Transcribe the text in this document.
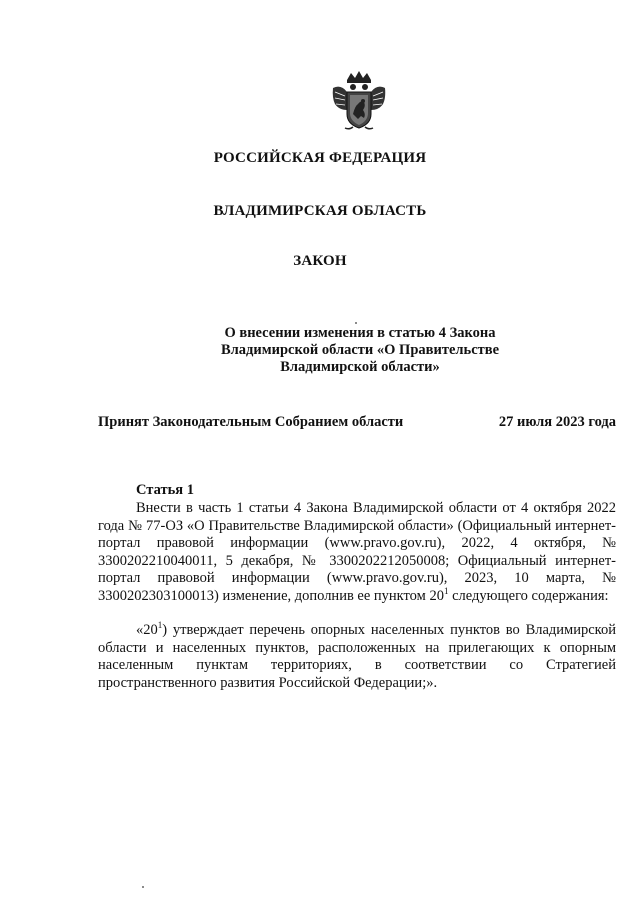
РОССИЙСКАЯ ФЕДЕРАЦИЯ
ВЛАДИМИРСКАЯ ОБЛАСТЬ
ЗАКОН
О внесении изменения в статью 4 Закона
Владимирской области «О Правительстве
Владимирской области»
Принят Законодательным Собранием области	27 июля 2023 года
Статья 1
Внести в часть 1 статьи 4 Закона Владимирской области от 4 октября 2022 года № 77-ОЗ «О Правительстве Владимирской области» (Официальный интернет-портал правовой информации (www.pravo.gov.ru), 2022, 4 октября, № 3300202210040011, 5 декабря, № 3300202212050008; Официальный интернет-портал правовой информации (www.pravo.gov.ru), 2023, 10 марта, № 3300202303100013) изменение, дополнив ее пунктом $20^1$ следующего содержания:
«$20^1$) утверждает перечень опорных населенных пунктов во Владимирской области и населенных пунктов, расположенных на прилегающих к опорным населенным пунктам территориях, в соответствии со Стратегией пространственного развития Российской Федерации;».
